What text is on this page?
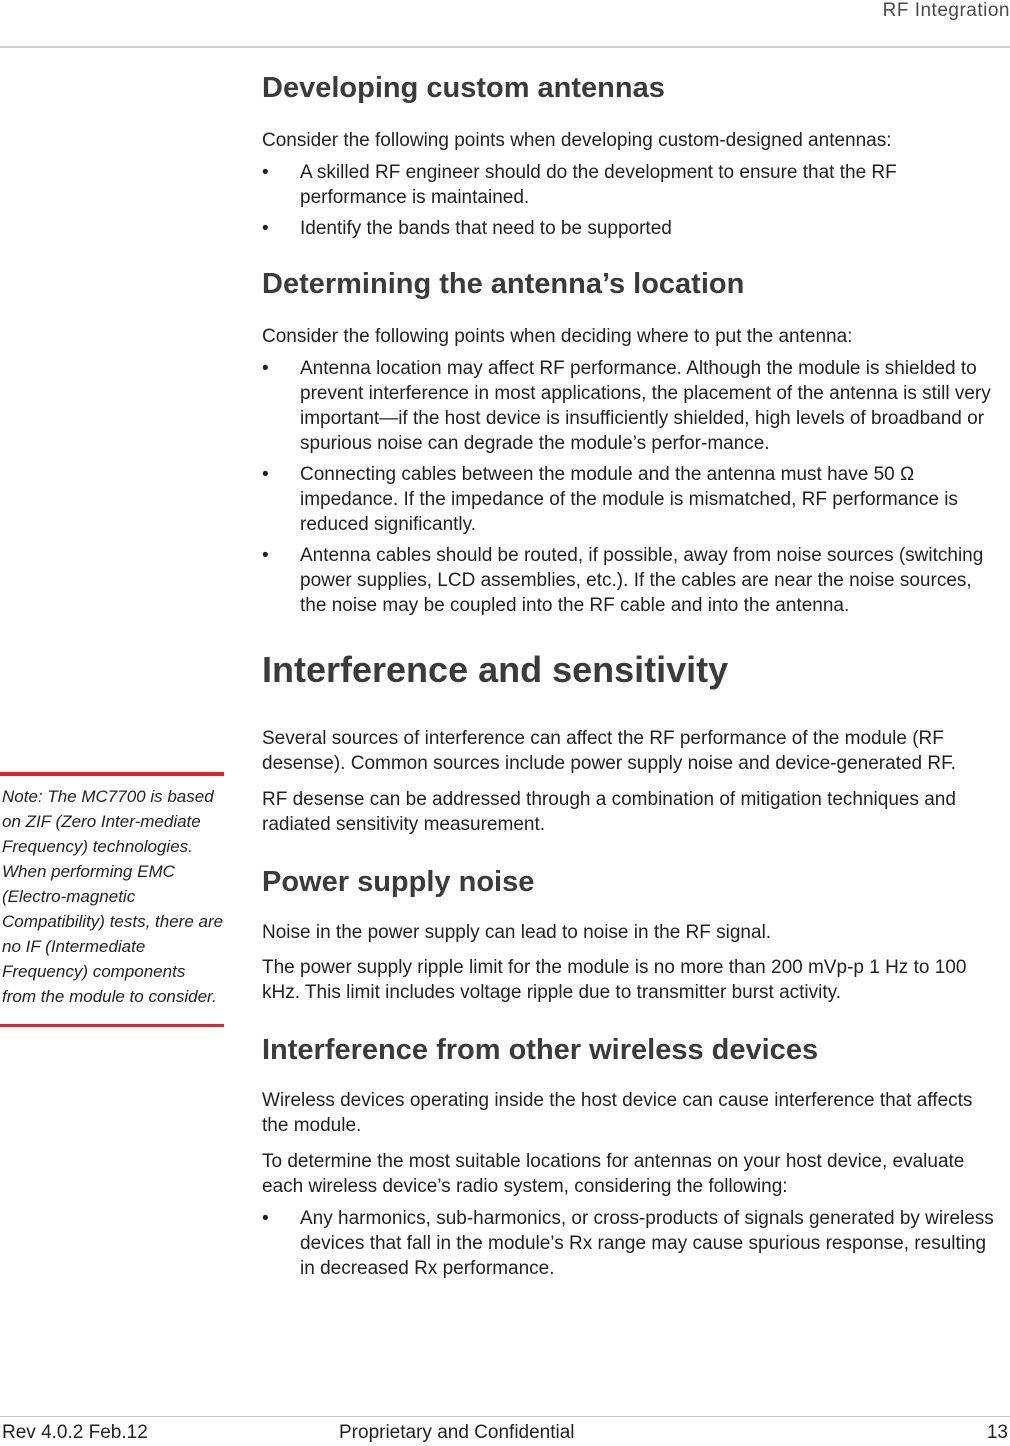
RF Integration

Developing custom antennas

Consider the following points when developing custom-designed antennas:

• A skilled RF engineer should do the development to ensure that the RF performance is maintained.
• Identify the bands that need to be supported
Determining the antenna’s location

Consider the following points when deciding where to put the antenna:

• Antenna location may affect RF performance. Although the module is shielded to prevent interference in most applications, the placement of the antenna is still very important—if the host device is insufficiently shielded, high levels of broadband or spurious noise can degrade the module’s perfor-mance.
• Connecting cables between the module and the antenna must have 50 Ω impedance. If the impedance of the module is mismatched, RF performance is reduced significantly.
• Antenna cables should be routed, if possible, away from noise sources (switching power supplies, LCD assemblies, etc.). If the cables are near the noise sources, the noise may be coupled into the RF cable and into the antenna.
Interference and sensitivity

Several sources of interference can affect the RF performance of the module (RF desense). Common sources include power supply noise and device-generated RF.

RF desense can be addressed through a combination of mitigation techniques and radiated sensitivity measurement.

Power supply noise

Noise in the power supply can lead to noise in the RF signal.

The power supply ripple limit for the module is no more than 200 mVp-p 1 Hz to 100 kHz. This limit includes voltage ripple due to transmitter burst activity.

Interference from other wireless devices

Wireless devices operating inside the host device can cause interference that affects the module.

To determine the most suitable locations for antennas on your host device, evaluate each wireless device’s radio system, considering the following:

• Any harmonics, sub-harmonics, or cross-products of signals generated by wireless devices that fall in the module’s Rx range may cause spurious response, resulting in decreased Rx performance.
Note: The MC7700 is based on ZIF (Zero Inter-mediate Frequency) technologies. When performing EMC (Electro-magnetic Compatibility) tests, there are no IF (Intermediate Frequency) components from the module to consider.
Rev 4.0.2 Feb.12	Proprietary and Confidential	13
